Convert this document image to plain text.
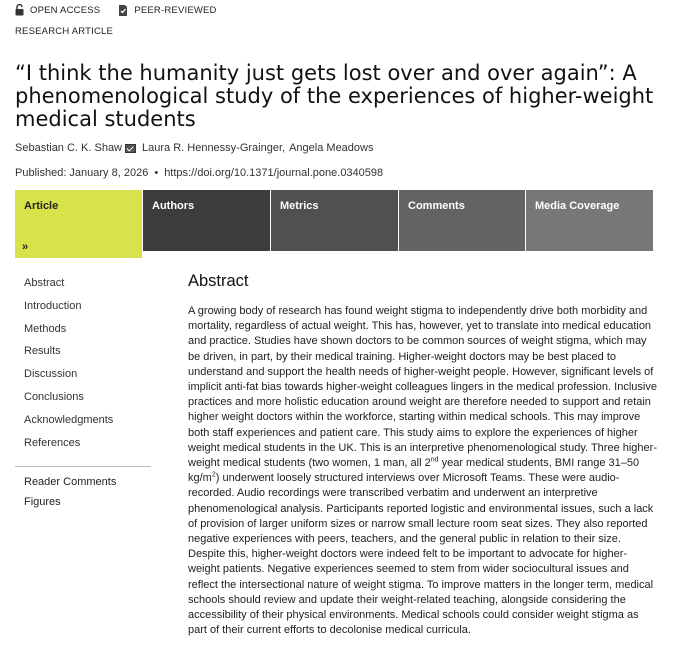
OPEN ACCESS	PEER-REVIEWED
RESEARCH ARTICLE
“I think the humanity just gets lost over and over again”: A phenomenological study of the experiences of higher-weight medical students
Sebastian C. K. Shaw Laura R. Hennessy-Grainger, Angela Meadows
Published: January 8, 2026 • https://doi.org/10.1371/journal.pone.0340598
Article
»
Authors	Metrics	Comments	Media Coverage
Abstract
Introduction
Methods
Results
Discussion
Conclusions
Acknowledgments
References
Reader Comments
Figures
Abstract

A growing body of research has found weight stigma to independently drive both morbidity and mortality, regardless of actual weight. This has, however, yet to translate into medical education and practice. Studies have shown doctors to be common sources of weight stigma, which may be driven, in part, by their medical training. Higher-weight doctors may be best placed to understand and support the health needs of higher-weight people. However, significant levels of implicit anti-fat bias towards higher-weight colleagues lingers in the medical profession. Inclusive practices and more holistic education around weight are therefore needed to support and retain higher weight doctors within the workforce, starting within medical schools. This may improve both staff experiences and patient care. This study aims to explore the experiences of higher weight medical students in the UK. This is an interpretive phenomenological study. Three higher-weight medical students (two women, 1 man, all 2nd year medical students, BMI range 31–50 $kg/m^2$) underwent loosely structured interviews over Microsoft Teams. These were audio-recorded. Audio recordings were transcribed verbatim and underwent an interpretive phenomenological analysis. Participants reported logistic and environmental issues, such a lack of provision of larger uniform sizes or narrow small lecture room seat sizes. They also reported negative experiences with peers, teachers, and the general public in relation to their size. Despite this, higher-weight doctors were indeed felt to be important to advocate for higher-weight patients. Negative experiences seemed to stem from wider sociocultural issues and reflect the intersectional nature of weight stigma. To improve matters in the longer term, medical schools should review and update their weight-related teaching, alongside considering the accessibility of their physical environments. Medical schools could consider weight stigma as part of their current efforts to decolonise medical curricula.
